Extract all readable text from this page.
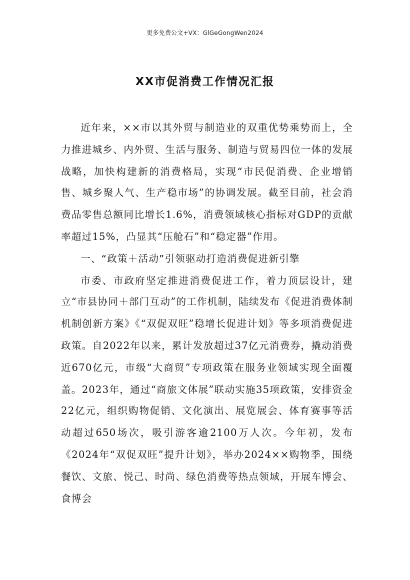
更多免费公文+VX：GlGeGongWen2024
XX市促消费工作情况汇报

近年来，××市以其外贸与制造业的双重优势乘势而上，全力推进城乡、内外贸、生活与服务、制造与贸易四位一体的发展战略，加快构建新的消费格局，实现“市民促消费、企业增销售、城乡聚人气、生产稳市场”的协调发展。截至目前，社会消费品零售总额同比增长1.6%，消费领域核心指标对GDP的贡献率超过15%，凸显其“压舱石”和“稳定器”作用。

一、“政策＋活动”引领驱动打造消费促进新引擎

市委、市政府坚定推进消费促进工作，着力顶层设计，建立“市县协同＋部门互动”的工作机制，陆续发布《促进消费体制机制创新方案》《“双促双旺”稳增长促进计划》等多项消费促进政策。自2022年以来，累计发放超过37亿元消费券，撬动消费近670亿元，市级“大商贸”专项政策在服务业领域实现全面覆盖。2023年，通过“商旅文体展”联动实施35项政策，安排资金22亿元，组织购物促销、文化演出、展览展会、体育赛事等活动超过650场次，吸引游客逾2100万人次。今年初，发布《2024年“双促双旺”提升计划》，举办2024××购物季，围绕餐饮、文旅、悦己、时尚、绿色消费等热点领域，开展车博会、食博会
